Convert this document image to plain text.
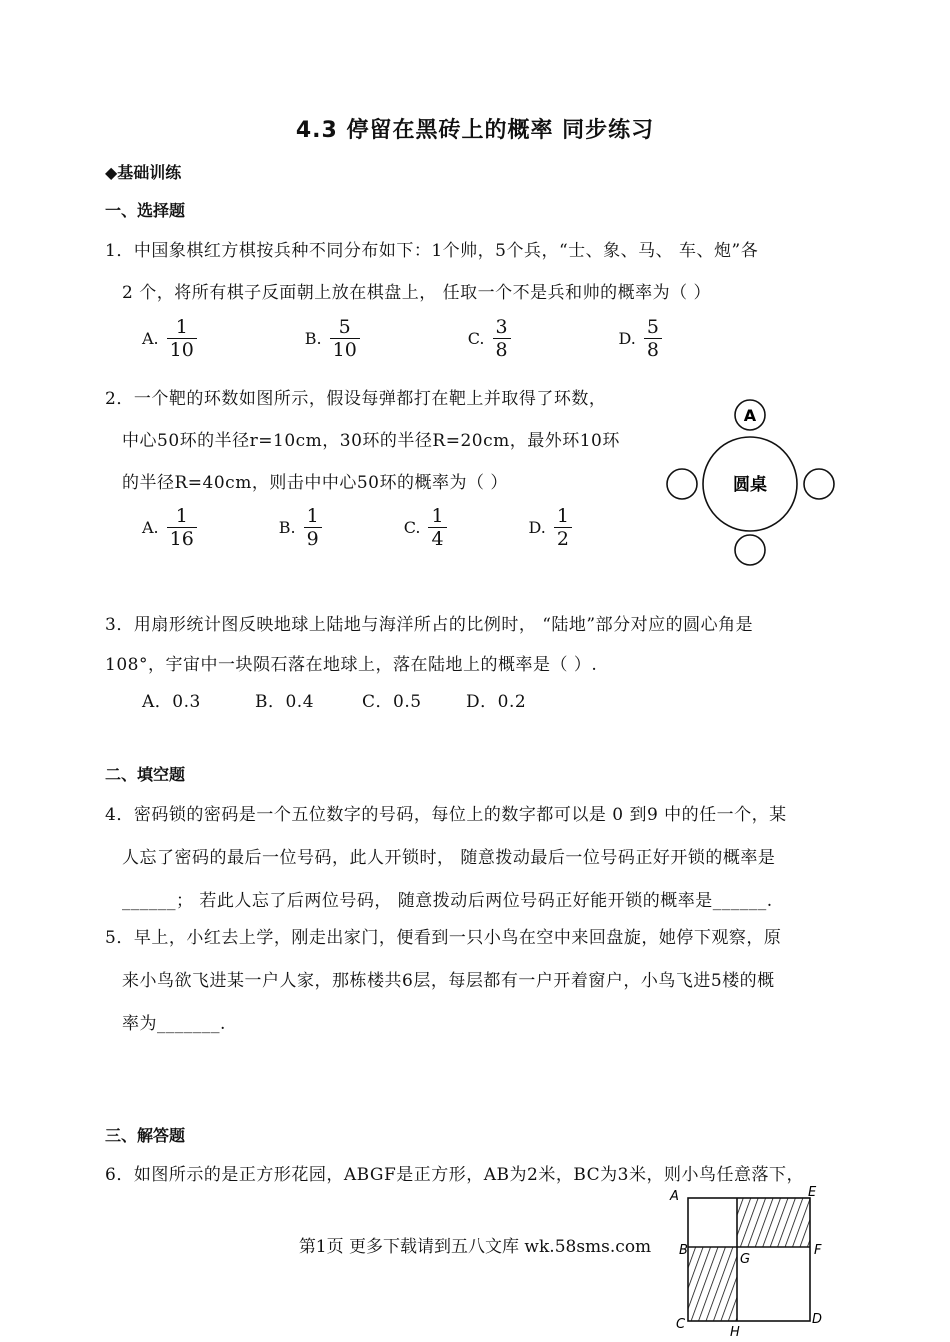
4.3 停留在黑砖上的概率 同步练习
◆基础训练
一、选择题
1．中国象棋红方棋按兵种不同分布如下：1个帅，5个兵，“士、象、马、 车、炮”各
2 个，将所有棋子反面朝上放在棋盘上， 任取一个不是兵和帅的概率为（ ）
A. $\frac{1}{10}$	B. $\frac{5}{10}$	C. $\frac{3}{8}$	D. $\frac{5}{8}$
2．一个靶的环数如图所示，假设每弹都打在靶上并取得了环数，
中心50环的半径r=10cm，30环的半径R=20cm，最外环10环
的半径R=40cm，则击中中心50环的概率为（ ）
A. $\frac{1}{16}$	B. $\frac{1}{9}$	C. $\frac{1}{4}$	D. $\frac{1}{2}$
A
圆桌
3．用扇形统计图反映地球上陆地与海洋所占的比例时， “陆地”部分对应的圆心角是
108°，宇宙中一块陨石落在地球上，落在陆地上的概率是（ ）.
A．0.3	B．0.4	C．0.5	D．0.2
二、填空题
4．密码锁的密码是一个五位数字的号码，每位上的数字都可以是 0 到9 中的任一个，某
人忘了密码的最后一位号码，此人开锁时， 随意拨动最后一位号码正好开锁的概率是
______； 若此人忘了后两位号码， 随意拨动后两位号码正好能开锁的概率是______.
5．早上，小红去上学，刚走出家门，便看到一只小鸟在空中来回盘旋，她停下观察，原
来小鸟欲飞进某一户人家，那栋楼共6层，每层都有一户开着窗户，小鸟飞进5楼的概
率为_______.
三、解答题
6．如图所示的是正方形花园，ABGF是正方形，AB为2米，BC为3米，则小鸟任意落下，
A	E
B	F
G
C	D
H
第1页 更多下载请到五八文库 wk.58sms.com
